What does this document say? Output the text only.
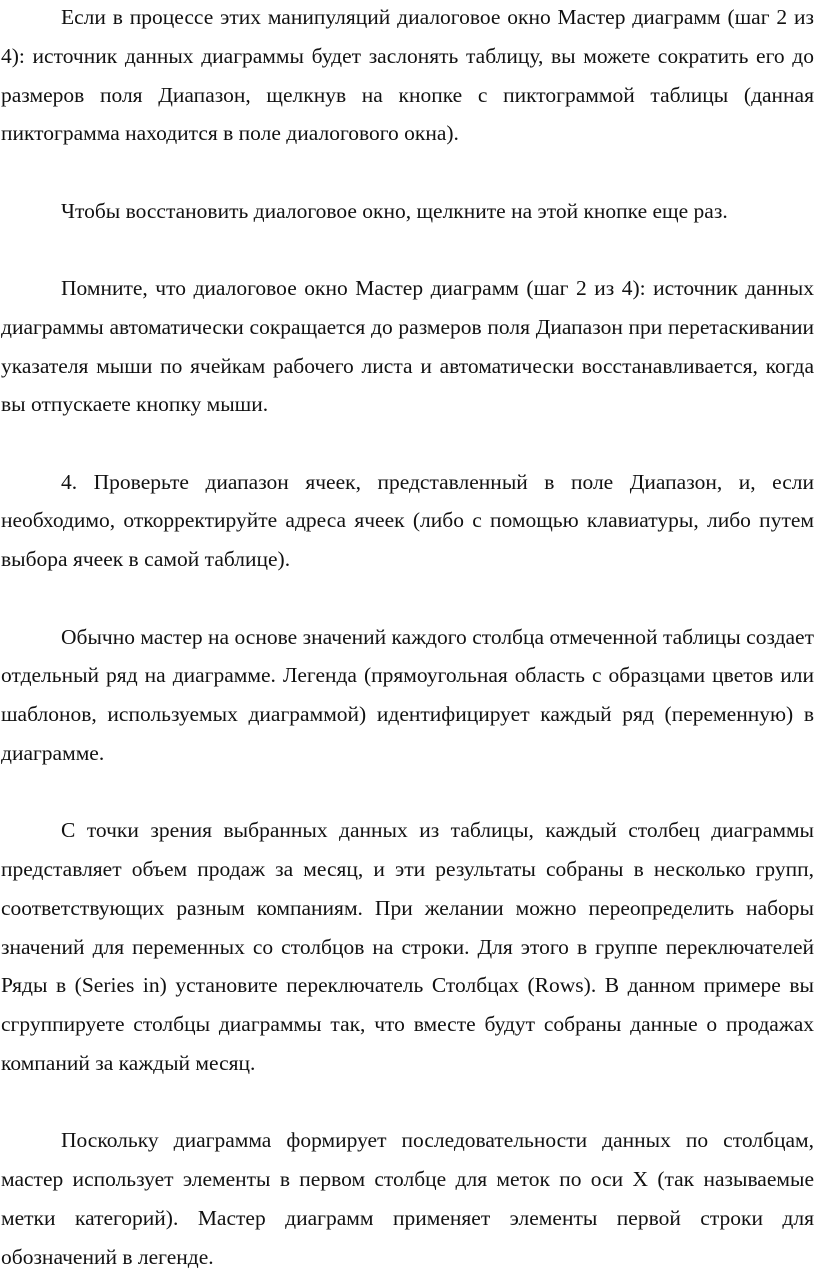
Если в процессе этих манипуляций диалоговое окно Мастер диаграмм (шаг 2 из 4): источник данных диаграммы будет заслонять таблицу, вы можете сократить его до размеров поля Диапазон, щелкнув на кнопке с пиктограммой таблицы (данная пиктограмма находится в поле диалогового окна).

Чтобы восстановить диалоговое окно, щелкните на этой кнопке еще раз.

Помните, что диалоговое окно Мастер диаграмм (шаг 2 из 4): источник данных диаграммы автоматически сокращается до размеров поля Диапазон при перетаскивании указателя мыши по ячейкам рабочего листа и автоматически восстанавливается, когда вы отпускаете кнопку мыши.

4. Проверьте диапазон ячеек, представленный в поле Диапазон, и, если необходимо, откорректируйте адреса ячеек (либо с помощью клавиатуры, либо путем выбора ячеек в самой таблице).

Обычно мастер на основе значений каждого столбца отмеченной таблицы создает отдельный ряд на диаграмме. Легенда (прямоугольная область с образцами цветов или шаблонов, используемых диаграммой) идентифицирует каждый ряд (переменную) в диаграмме.

С точки зрения выбранных данных из таблицы, каждый столбец диаграммы представляет объем продаж за месяц, и эти результаты собраны в несколько групп, соответствующих разным компаниям. При желании можно переопределить наборы значений для переменных со столбцов на строки. Для этого в группе переключателей Ряды в (Series in) установите переключатель Столбцах (Rows). В данном примере вы сгруппируете столбцы диаграммы так, что вместе будут собраны данные о продажах компаний за каждый месяц.

Поскольку диаграмма формирует последовательности данных по столбцам, мастер использует элементы в первом столбце для меток по оси X (так называемые метки категорий). Мастер диаграмм применяет элементы первой строки для обозначений в легенде.
